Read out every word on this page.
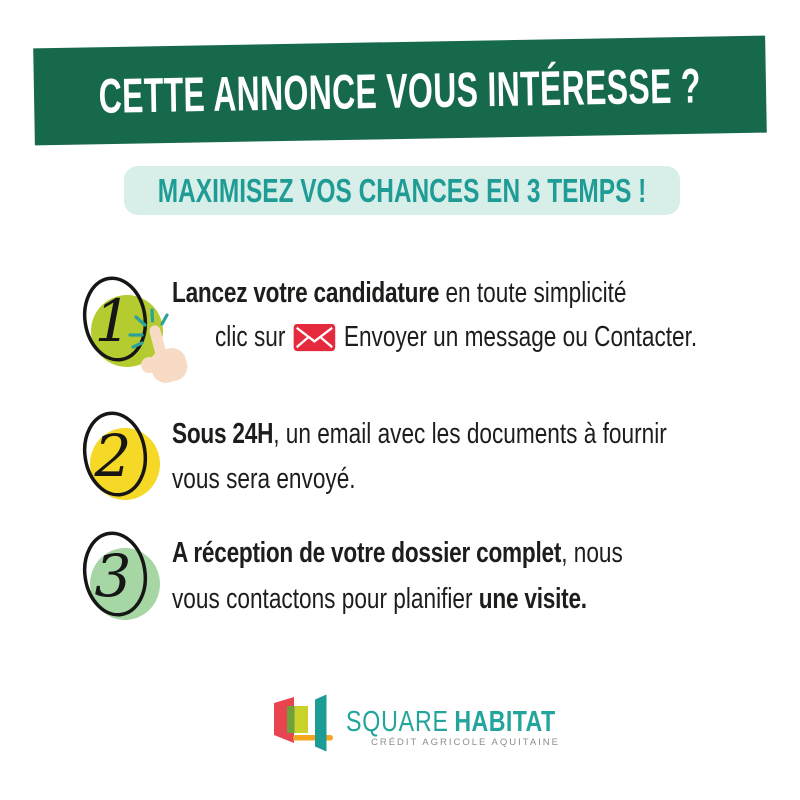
CETTE ANNONCE VOUS INTÉRESSE ?
MAXIMISEZ VOS CHANCES EN 3 TEMPS !
1 Lancez votre candidature en toute simplicité
clic sur Envoyer un message ou Contacter.
2 Sous 24H, un email avec les documents à fournir
vous sera envoyé.
3 A réception de votre dossier complet, nous
vous contactons pour planifier une visite.
SQUARE HABITAT
CRÉDIT AGRICOLE AQUITAINE
